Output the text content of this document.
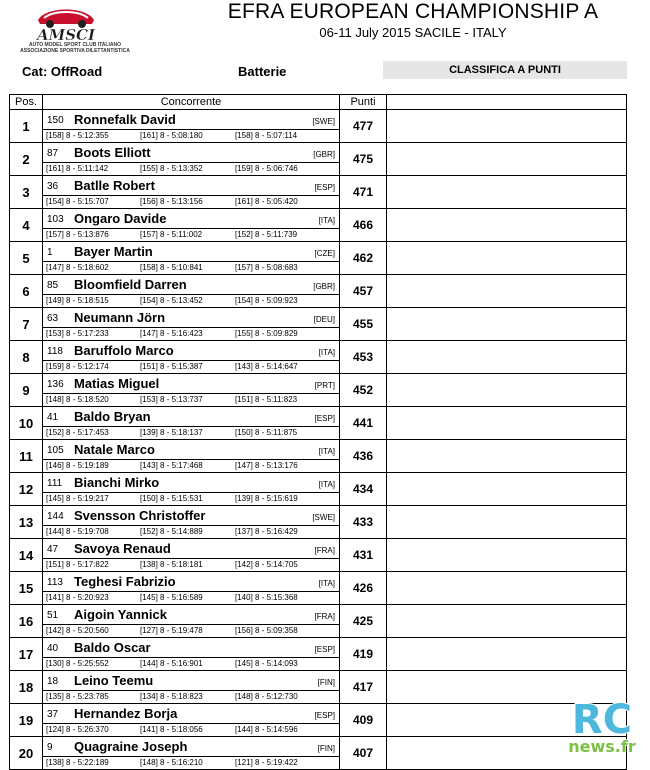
AMSCI
AUTO MODEL SPORT CLUB ITALIANO
ASSOCIAZIONE SPORTIVA DILETTANTISTICA
EFRA EUROPEAN CHAMPIONSHIP A
06-11 July 2015 SACILE - ITALY
Cat: OffRoad	Batterie	CLASSIFICA A PUNTI
Pos.	Concorrente	Punti	
1	150 Ronnefalk David [SWE]	477	

	[158] 8 - 5:12:355 [161] 8 - 5:08:180 [158] 8 - 5:07:114		

2	87 Boots Elliott [GBR]	475	

	[161] 8 - 5:11:142 [155] 8 - 5:13:352 [159] 8 - 5:06:746		

3	36 Batlle Robert [ESP]	471	

	[154] 8 - 5:15:707 [156] 8 - 5:13:156 [161] 8 - 5:05:420		

4	103 Ongaro Davide [ITA]	466	

	[157] 8 - 5:13:876 [157] 8 - 5:11:002 [152] 8 - 5:11:739		

5	1 Bayer Martin [CZE]	462	

	[147] 8 - 5:18:602 [158] 8 - 5:10:841 [157] 8 - 5:08:683		

6	85 Bloomfield Darren [GBR]	457	

	[149] 8 - 5:18:515 [154] 8 - 5:13:452 [154] 8 - 5:09:923		

7	63 Neumann Jörn [DEU]	455	

	[153] 8 - 5:17:233 [147] 8 - 5:16:423 [155] 8 - 5:09:829		

8	118 Baruffolo Marco [ITA]	453	

	[159] 8 - 5:12:174 [151] 8 - 5:15:387 [143] 8 - 5:14:647		

9	136 Matias Miguel [PRT]	452	

	[148] 8 - 5:18:520 [153] 8 - 5:13:737 [151] 8 - 5:11:823		

10	41 Baldo Bryan [ESP]	441	

	[152] 8 - 5:17:453 [139] 8 - 5:18:137 [150] 8 - 5:11:875		

11	105 Natale Marco [ITA]	436	

	[146] 8 - 5:19:189 [143] 8 - 5:17:468 [147] 8 - 5:13:176		

12	111 Bianchi Mirko [ITA]	434	

	[145] 8 - 5:19:217 [150] 8 - 5:15:531 [139] 8 - 5:15:619		

13	144 Svensson Christoffer [SWE]	433	

	[144] 8 - 5:19:708 [152] 8 - 5:14:889 [137] 8 - 5:16:429		

14	47 Savoya Renaud [FRA]	431	

	[151] 8 - 5:17:822 [138] 8 - 5:18:181 [142] 8 - 5:14:705		

15	113 Teghesi Fabrizio [ITA]	426	

	[141] 8 - 5:20:923 [145] 8 - 5:16:589 [140] 8 - 5:15:368		

16	51 Aigoin Yannick [FRA]	425	

	[142] 8 - 5:20:560 [127] 8 - 5:19:478 [156] 8 - 5:09:358		

17	40 Baldo Oscar [ESP]	419	

	[130] 8 - 5:25:552 [144] 8 - 5:16:901 [145] 8 - 5:14:093		

18	18 Leino Teemu [FIN]	417	

	[135] 8 - 5:23:785 [134] 8 - 5:18:823 [148] 8 - 5:12:730		

19	37 Hernandez Borja [ESP]	409	

	[124] 8 - 5:26:370 [141] 8 - 5:18:056 [144] 8 - 5:14:596		

20	9 Quagraine Joseph [FIN]	407	

	[138] 8 - 5:22:189 [148] 8 - 5:16:210 [121] 8 - 5:19:422		
RC
news.fr
